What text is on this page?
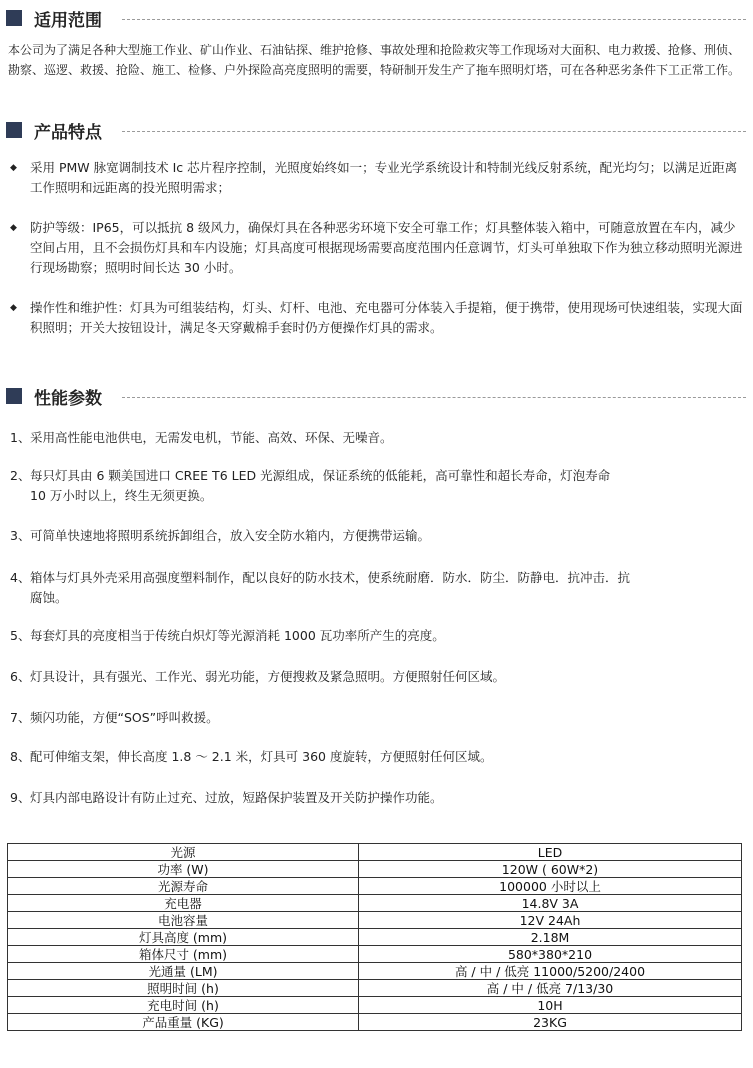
适用范围

本公司为了满足各种大型施工作业、矿山作业、石油钻探、维护抢修、事故处理和抢险救灾等工作现场对大面积、电力救援、抢修、刑侦、勘察、巡逻、救援、抢险、施工、检修、户外探险高亮度照明的需要，特研制开发生产了拖车照明灯塔，可在各种恶劣条件下工正常工作。

产品特点
◆ 采用 PMW 脉宽调制技术 Ic 芯片程序控制，光照度始终如一；专业光学系统设计和特制光线反射系统，配光均匀；以满足近距离工作照明和远距离的投光照明需求；

◆ 防护等级：IP65，可以抵抗 8 级风力，确保灯具在各种恶劣环境下安全可靠工作；灯具整体装入箱中，可随意放置在车内，减少空间占用，且不会损伤灯具和车内设施；灯具高度可根据现场需要高度范围内任意调节，灯头可单独取下作为独立移动照明光源进行现场勘察；照明时间长达 30 小时。

◆ 操作性和维护性：灯具为可组装结构，灯头、灯杆、电池、充电器可分体装入手提箱，便于携带，使用现场可快速组装，实现大面积照明；开关大按钮设计，满足冬天穿戴棉手套时仍方便操作灯具的需求。

性能参数

1、采用高性能电池供电，无需发电机，节能、高效、环保、无噪音。

2、每只灯具由 6 颗美国进口 CREE T6 LED 光源组成，保证系统的低能耗，高可靠性和超长寿命，灯泡寿命
10 万小时以上，终生无须更换。

3、可简单快速地将照明系统拆卸组合，放入安全防水箱内，方便携带运输。

4、箱体与灯具外壳采用高强度塑料制作，配以良好的防水技术，使系统耐磨．防水．防尘．防静电．抗冲击．抗
腐蚀。

5、每套灯具的亮度相当于传统白炽灯等光源消耗 1000 瓦功率所产生的亮度。

6、灯具设计，具有强光、工作光、弱光功能，方便搜救及紧急照明。方便照射任何区域。

7、频闪功能，方便“SOS”呼叫救援。

8、配可伸缩支架，伸长高度 1.8 ～ 2.1 米，灯具可 360 度旋转，方便照射任何区域。

9、灯具内部电路设计有防止过充、过放，短路保护装置及开关防护操作功能。

光源	LED
功率 (W)	120W ( 60W*2)
光源寿命	100000 小时以上
充电器	14.8V 3A
电池容量	12V 24Ah
灯具高度 (mm)	2.18M
箱体尺寸 (mm)	580*380*210
光通量 (LM)	高 / 中 / 低亮 11000/5200/2400
照明时间 (h)	高 / 中 / 低亮 7/13/30
充电时间 (h)	10H
产品重量 (KG)	23KG
